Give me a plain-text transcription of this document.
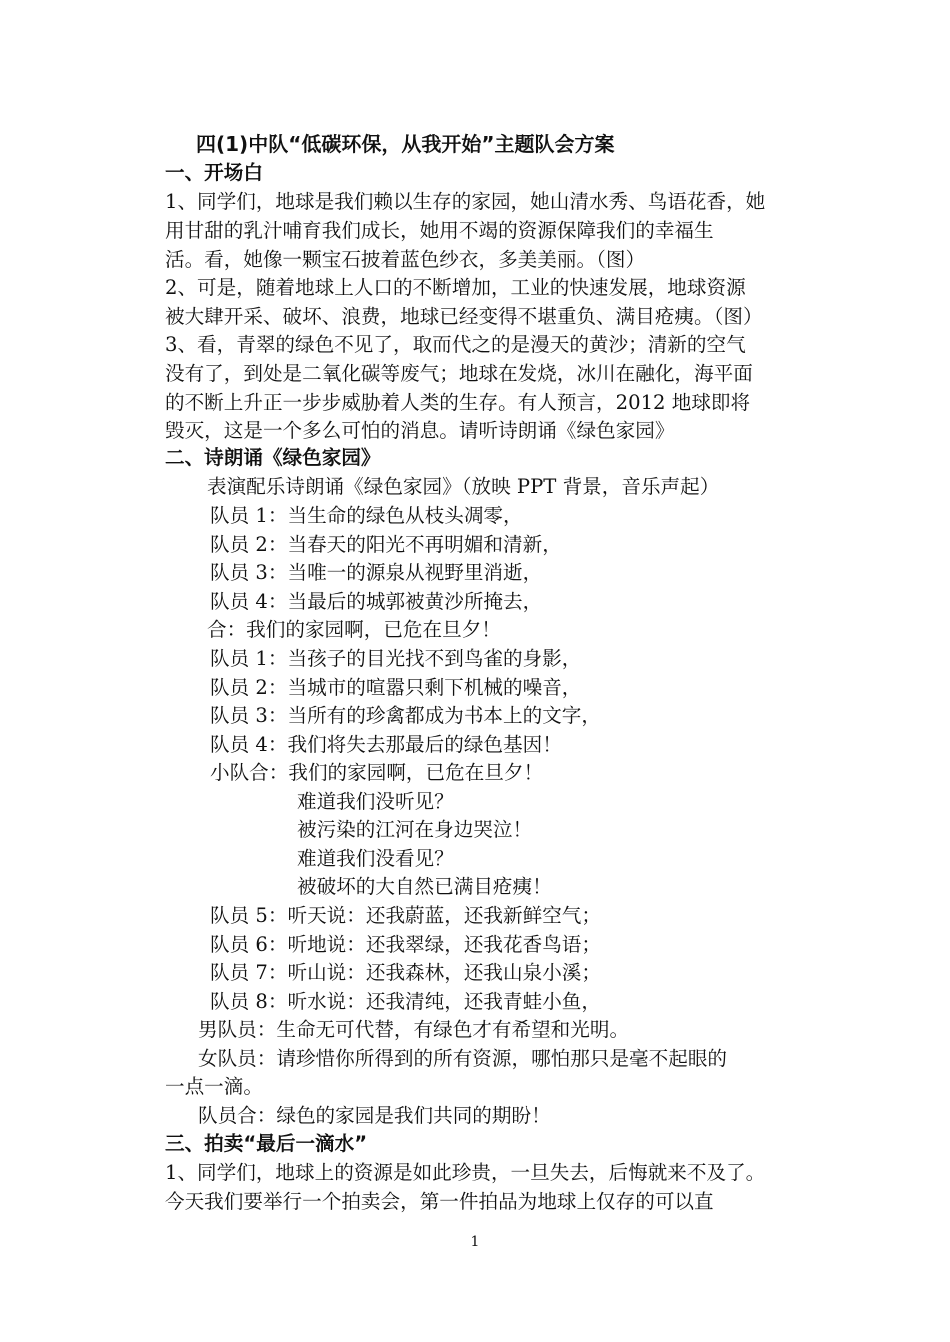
四(1)中队“低碳环保，从我开始”主题队会方案
一、开场白
1、同学们，地球是我们赖以生存的家园，她山清水秀、鸟语花香，她
用甘甜的乳汁哺育我们成长，她用不竭的资源保障我们的幸福生
活。看，她像一颗宝石披着蓝色纱衣，多美美丽。（图）
2、可是，随着地球上人口的不断增加，工业的快速发展，地球资源
被大肆开采、破坏、浪费，地球已经变得不堪重负、满目疮痍。（图）
3、看，青翠的绿色不见了，取而代之的是漫天的黄沙；清新的空气
没有了，到处是二氧化碳等废气；地球在发烧，冰川在融化，海平面
的不断上升正一步步威胁着人类的生存。有人预言，2012 地球即将
毁灭，这是一个多么可怕的消息。请听诗朗诵《绿色家园》
二、诗朗诵《绿色家园》
表演配乐诗朗诵《绿色家园》（放映 PPT 背景，音乐声起）
队员 1：当生命的绿色从枝头凋零，
队员 2：当春天的阳光不再明媚和清新，
队员 3：当唯一的源泉从视野里消逝，
队员 4：当最后的城郭被黄沙所掩去，
合：我们的家园啊，已危在旦夕！
队员 1：当孩子的目光找不到鸟雀的身影，
队员 2：当城市的喧嚣只剩下机械的噪音，
队员 3：当所有的珍禽都成为书本上的文字，
队员 4：我们将失去那最后的绿色基因！
小队合：我们的家园啊，已危在旦夕！
难道我们没听见？
被污染的江河在身边哭泣！
难道我们没看见？
被破坏的大自然已满目疮痍！
队员 5：听天说：还我蔚蓝，还我新鲜空气；
队员 6：听地说：还我翠绿，还我花香鸟语；
队员 7：听山说：还我森林，还我山泉小溪；
队员 8：听水说：还我清纯，还我青蛙小鱼，
男队员：生命无可代替，有绿色才有希望和光明。
女队员：请珍惜你所得到的所有资源，哪怕那只是毫不起眼的
一点一滴。
队员合：绿色的家园是我们共同的期盼！
三、拍卖“最后一滴水”
1、同学们，地球上的资源是如此珍贵，一旦失去，后悔就来不及了。
今天我们要举行一个拍卖会，第一件拍品为地球上仅存的可以直
1
